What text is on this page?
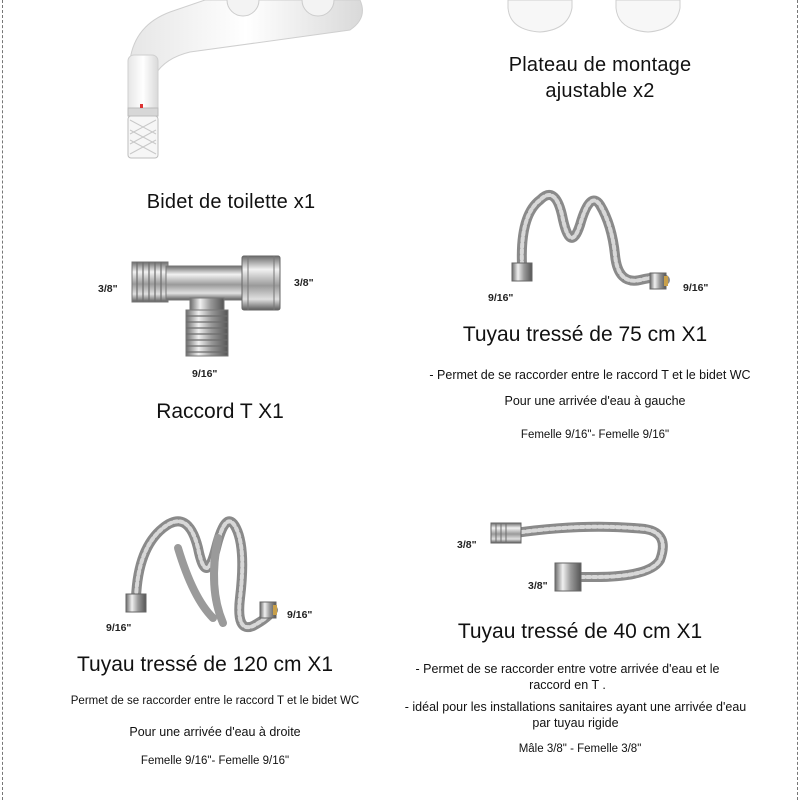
Bidet de toilette x1
Plateau de montage
ajustable x2
3/8"	3/8"
9/16"
Raccord T X1
9/16"
9/16"
Tuyau tressé de 75 cm X1
- Permet de se raccorder entre le raccord T et le bidet WC
Pour une arrivée d'eau à gauche
Femelle 9/16"- Femelle 9/16"
9/16"
9/16"
Tuyau tressé de 120 cm X1
Permet de se raccorder entre le raccord T et le bidet WC
Pour une arrivée d'eau à droite
Femelle 9/16"- Femelle 9/16"
3/8"
3/8"
Tuyau tressé de 40 cm X1
- Permet de se raccorder entre votre arrivée d'eau et le
raccord en T .
- idéal pour les installations sanitaires ayant une arrivée d'eau
par tuyau rigide
Mâle 3/8" - Femelle 3/8"
